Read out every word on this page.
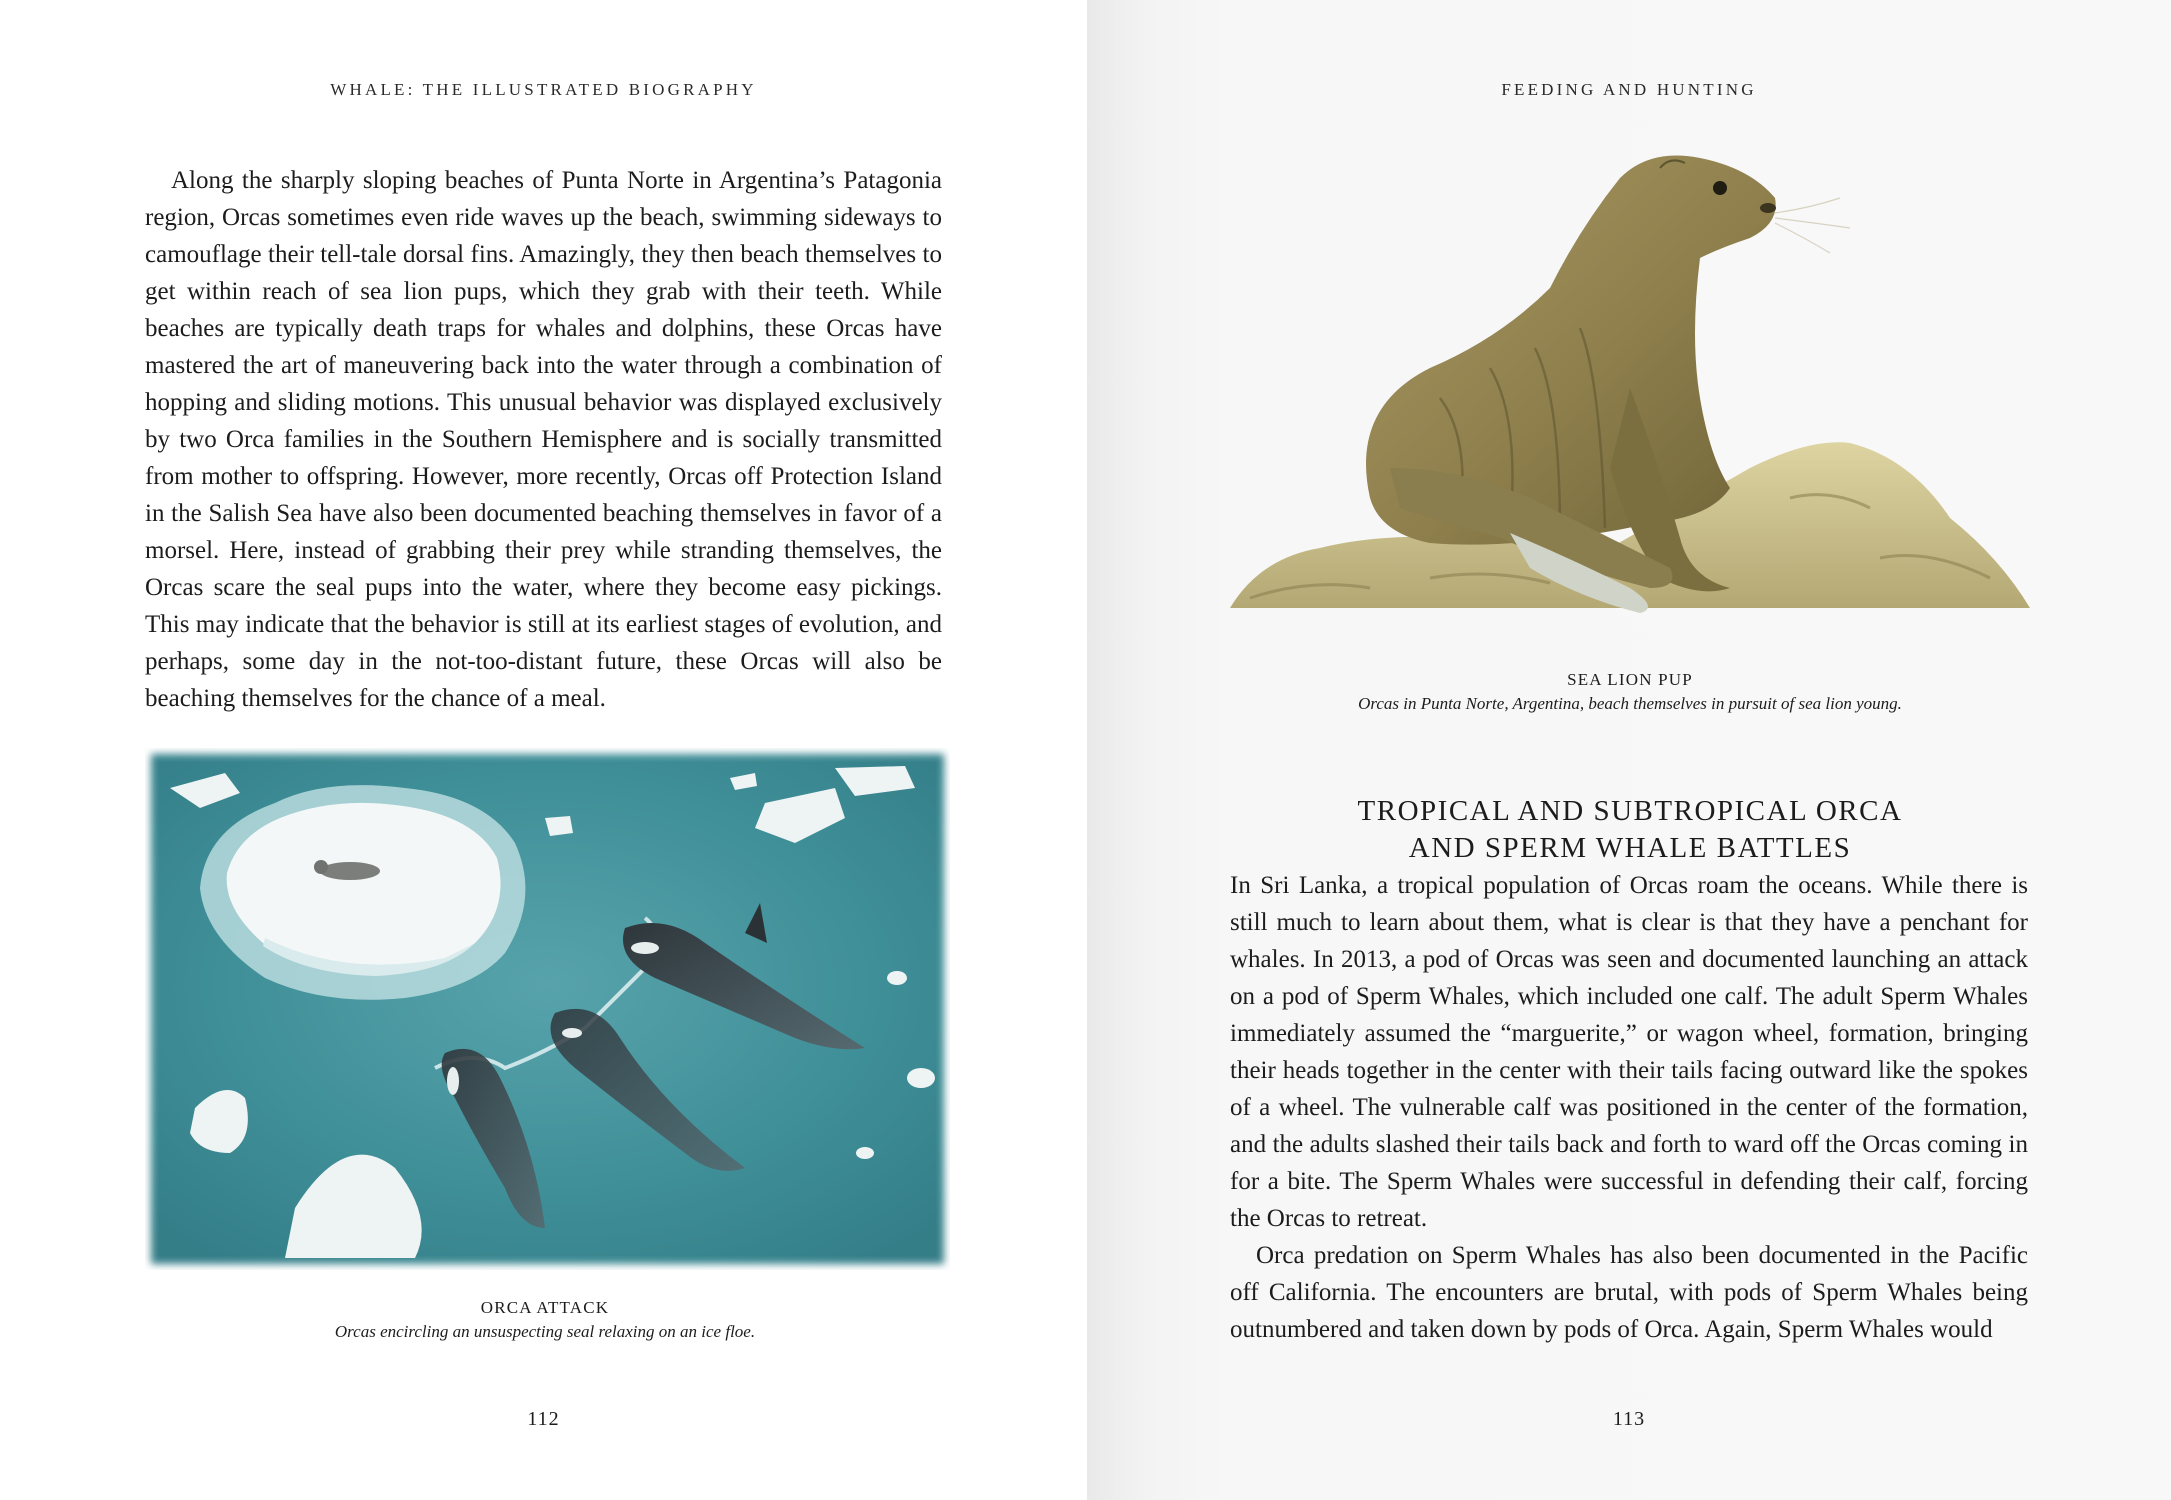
WHALE: THE ILLUSTRATED BIOGRAPHY

Along the sharply sloping beaches of Punta Norte in Argentina’s Patagonia region, Orcas sometimes even ride waves up the beach, swimming sideways to camouflage their tell-tale dorsal fins. Amazingly, they then beach themselves to get within reach of sea lion pups, which they grab with their teeth. While beaches are typically death traps for whales and dolphins, these Orcas have mastered the art of maneuvering back into the water through a combination of hopping and sliding motions. This unusual behavior was displayed exclusively by two Orca families in the Southern Hemisphere and is socially transmitted from mother to offspring. However, more recently, Orcas off Protection Island in the Salish Sea have also been documented beaching themselves in favor of a morsel. Here, instead of grabbing their prey while stranding themselves, the Orcas scare the seal pups into the water, where they become easy pickings. This may indicate that the behavior is still at its earliest stages of evolution, and perhaps, some day in the not-too-distant future, these Orcas will also be beaching themselves for the chance of a meal.

ORCA ATTACK
Orcas encircling an unsuspecting seal relaxing on an ice floe.
112
FEEDING AND HUNTING
SEA LION PUP
Orcas in Punta Norte, Argentina, beach themselves in pursuit of sea lion young.
TROPICAL AND SUBTROPICAL ORCA
AND SPERM WHALE BATTLES

In Sri Lanka, a tropical population of Orcas roam the oceans. While there is still much to learn about them, what is clear is that they have a penchant for whales. In 2013, a pod of Orcas was seen and documented launching an attack on a pod of Sperm Whales, which included one calf. The adult Sperm Whales immediately assumed the “marguerite,” or wagon wheel, formation, bringing their heads together in the center with their tails facing outward like the spokes of a wheel. The vulnerable calf was positioned in the center of the formation, and the adults slashed their tails back and forth to ward off the Orcas coming in for a bite. The Sperm Whales were successful in defending their calf, forcing the Orcas to retreat.

Orca predation on Sperm Whales has also been documented in the Pacific off California. The encounters are brutal, with pods of Sperm Whales being outnumbered and taken down by pods of Orca. Again, Sperm Whales would

113
